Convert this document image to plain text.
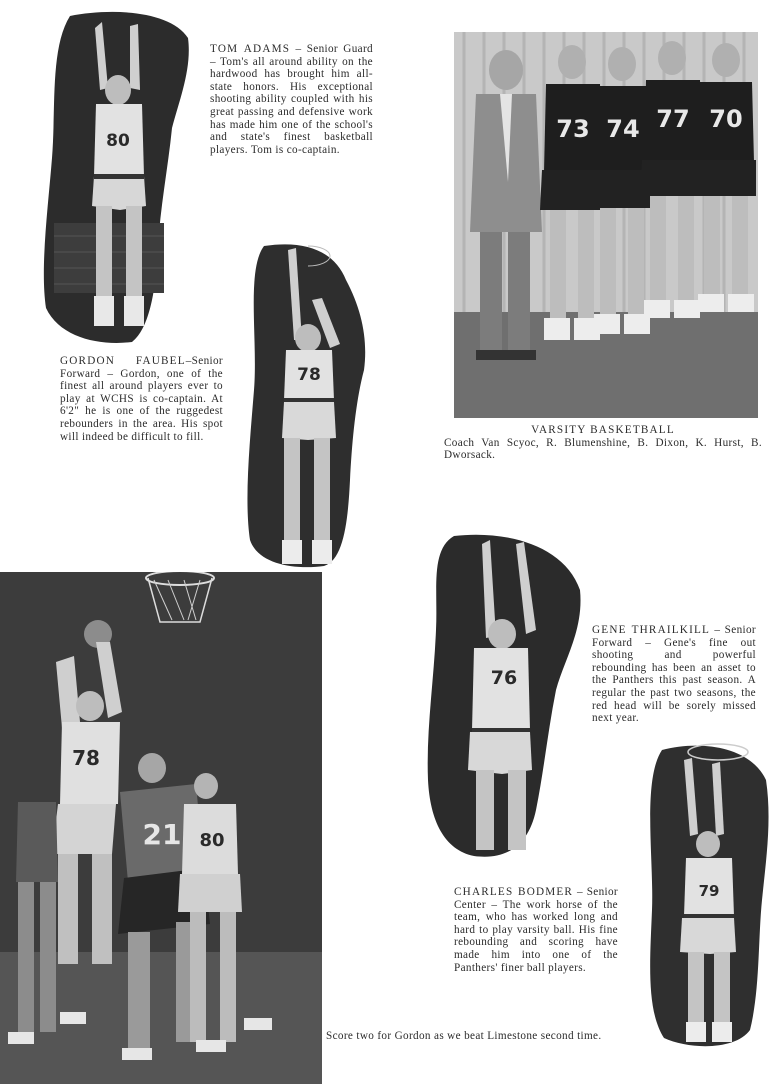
80

TOM ADAMS – Senior Guard – Tom's all around ability on the hardwood has brought him all-state honors. His exceptional shooting ability coupled with his great passing and defensive work has made him one of the school's and state's finest basketball players. Tom is co-captain.

73 74 77 70
VARSITY BASKETBALL
Coach Van Scyoc, R. Blumenshine, B. Dixon, K. Hurst, B. Dworsack.
78

GORDON FAUBEL–Senior Forward – Gordon, one of the finest all around players ever to play at WCHS is co-captain. At 6'2" he is one of the ruggedest rebounders in the area. His spot will indeed be difficult to fill.

78
21 80
76

GENE THRAILKILL – Senior Forward – Gene's fine out shooting and powerful rebounding has been an asset to the Panthers this past season. A regular the past two seasons, the red head will be sorely missed next year.

79

CHARLES BODMER – Senior Center – The work horse of the team, who has worked long and hard to play varsity ball. His fine rebounding and scoring have made him into one of the Panthers' finer ball players.

Score two for Gordon as we beat Limestone second time.
